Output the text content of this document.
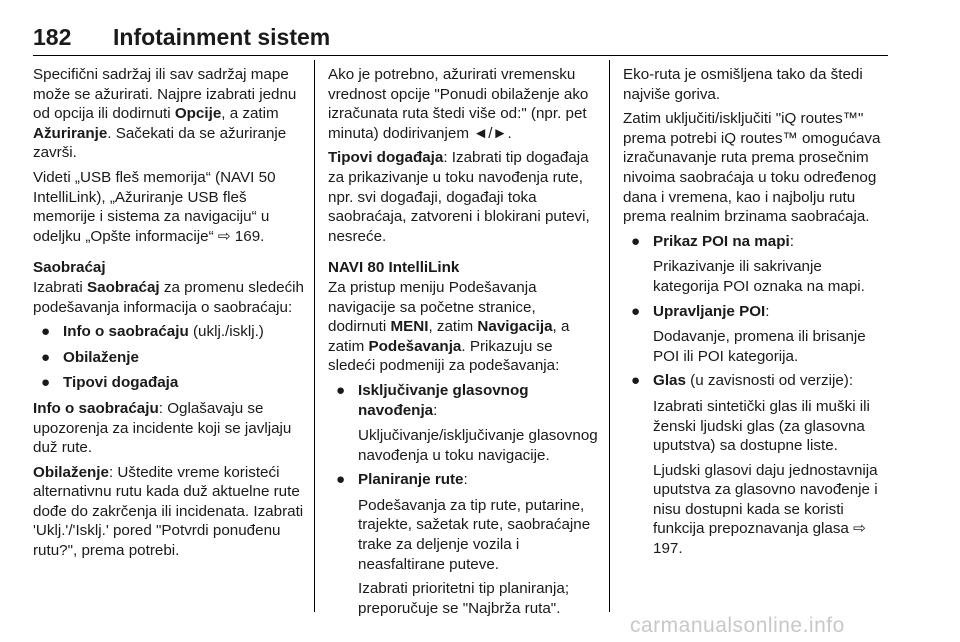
182 Infotainment sistem

Specifični sadržaj ili sav sadržaj mape može se ažurirati. Najpre izabrati jednu od opcija ili dodirnuti Opcije, a zatim Ažuriranje. Sačekati da se ažuriranje završi.

Videti „USB fleš memorija“ (NAVI 50 IntelliLink), „Ažuriranje USB fleš memorije i sistema za navigaciju“ u odeljku „Opšte informacije“ ⇨ 169.

Saobraćaj

Izabrati Saobraćaj za promenu sledećih podešavanja informacija o saobraćaju:

● Info o saobraćaju (uklj./isklj.)
● Obilaženje
● Tipovi događaja

Info o saobraćaju: Oglašavaju se upozorenja za incidente koji se javljaju duž rute.

Obilaženje: Uštedite vreme koristeći alternativnu rutu kada duž aktuelne rute dođe do zakrčenja ili incidenata. Izabrati 'Uklj.'/'Isklj.' pored "Potvrdi ponuđenu rutu?", prema potrebi.

Ako je potrebno, ažurirati vremensku vrednost opcije "Ponudi obilaženje ako izračunata ruta štedi više od:" (npr. pet minuta) dodirivanjem ◄/►.

Tipovi događaja: Izabrati tip događaja za prikazivanje u toku navođenja rute, npr. svi događaji, događaji toka saobraćaja, zatvoreni i blokirani putevi, nesreće.

NAVI 80 IntelliLink

Za pristup meniju Podešavanja navigacije sa početne stranice, dodirnuti MENI, zatim Navigacija, a zatim Podešavanja. Prikazuju se sledeći podmeniji za podešavanja:

● Isključivanje glasovnog navođenja:

Uključivanje/isključivanje glasovnog navođenja u toku navigacije.

● Planiranje rute:

Podešavanja za tip rute, putarine, trajekte, sažetak rute, saobraćajne trake za deljenje vozila i neasfaltirane puteve.

Izabrati prioritetni tip planiranja; preporučuje se "Najbrža ruta".

Eko-ruta je osmišljena tako da štedi najviše goriva.

Zatim uključiti/isključiti "iQ routes™" prema potrebi iQ routes™ omogućava izračunavanje ruta prema prosečnim nivoima saobraćaja u toku određenog dana i vremena, kao i najbolju rutu prema realnim brzinama saobraćaja.

● Prikaz POI na mapi:

Prikazivanje ili sakrivanje kategorija POI oznaka na mapi.

● Upravljanje POI:

Dodavanje, promena ili brisanje POI ili POI kategorija.

● Glas (u zavisnosti od verzije):

Izabrati sintetički glas ili muški ili ženski ljudski glas (za glasovna uputstva) sa dostupne liste.

Ljudski glasovi daju jednostavnija uputstva za glasovno navođenje i nisu dostupni kada se koristi funkcija prepoznavanja glasa ⇨ 197.

carmanualsonline.info
